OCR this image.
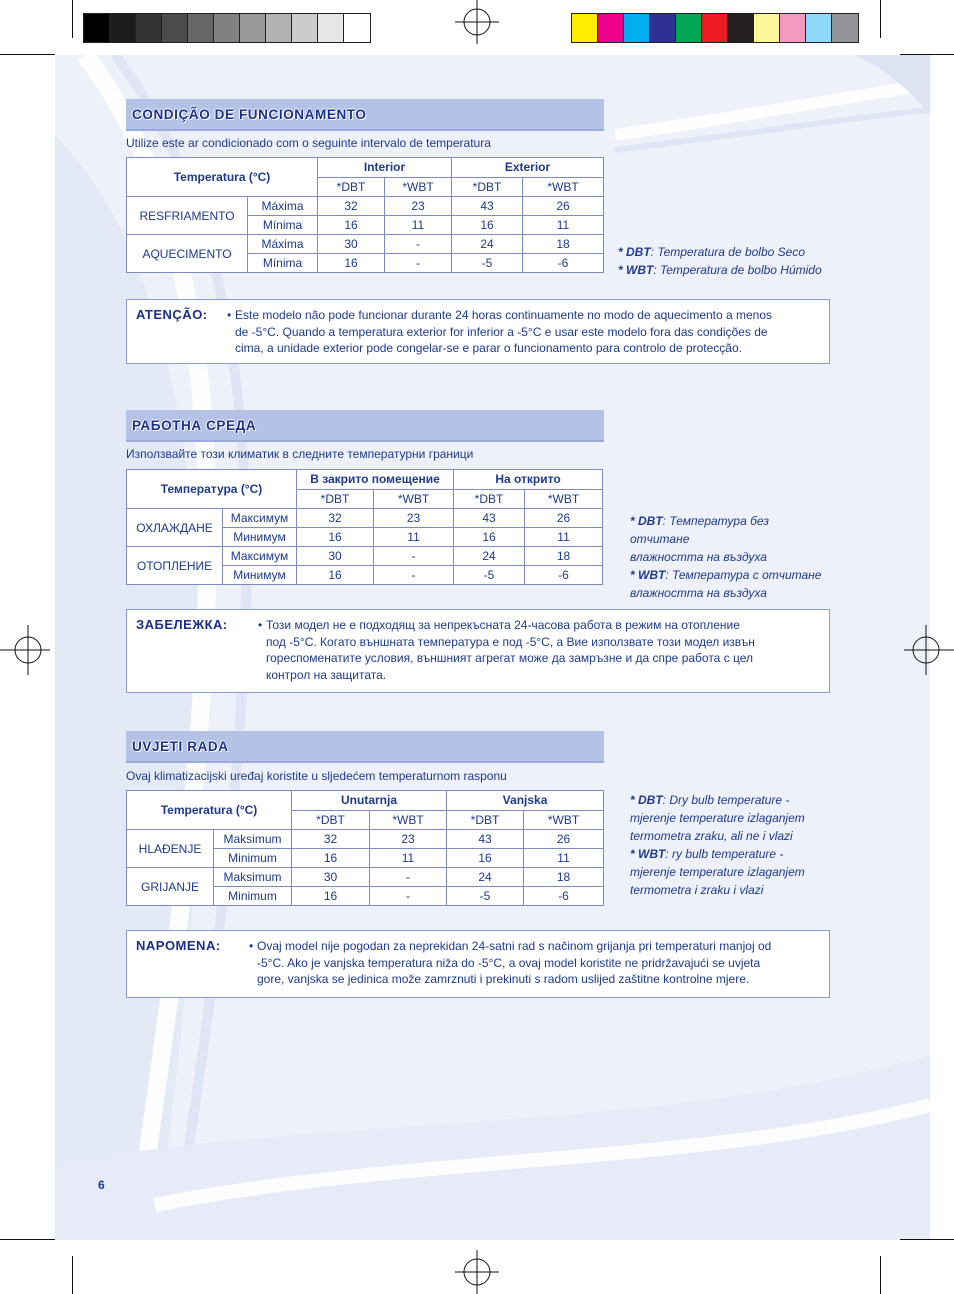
CONDIÇÃO DE FUNCIONAMENTO
Utilize este ar condicionado com o seguinte intervalo de temperatura
Temperatura (°C)		Interior		Exterior	
		*DBT	*WBT	*DBT	*WBT
RESFRIAMENTO	Máxima	32	23	43	26
	Mínima	16	11	16	11
AQUECIMENTO	Máxima	30	-	24	18
	Mínima	16	-	-5	-6
* DBT: Temperatura de bolbo Seco
* WBT: Temperatura de bolbo Húmido
ATENÇÃO: • Este modelo não pode funcionar durante 24 horas continuamente no modo de aquecimento a menos
de -5°C. Quando a temperatura exterior for inferior a -5°C e usar este modelo fora das condições de
cima, a unidade exterior pode congelar-se e parar o funcionamento para controlo de protecção.
РАБОТНА СРЕДА
Използвайте този климатик в следните температурни граници
Температура (°C)		В закрито помещение		На открито	
		*DBT	*WBT	*DBT	*WBT
ОХЛАЖДАНЕ	Максимум	32	23	43	26
	Минимум	16	11	16	11
ОТОПЛЕНИЕ	Максимум	30	-	24	18
	Минимум	16	-	-5	-6
* DBT: Температура без отчитане
влажността на въздуха
* WBT: Температура с отчитане
влажността на въздуха
ЗАБЕЛЕЖКА:	• Този модел не е подходящ за непрекъсната 24-часова работа в режим на отопление
под -5°C. Когато външната температура е под -5°C, а Вие използвате този модел извън
гореспоменатите условия, външният агрегат може да замръзне и да спре работа с цел
контрол на защитата.
UVJETI RADA
Ovaj klimatizacijski uređaj koristite u sljedećem temperaturnom rasponu
Temperatura (°C)		Unutarnja		Vanjska	
		*DBT	*WBT	*DBT	*WBT
HLAĐENJE	Maksimum	32	23	43	26
	Minimum	16	11	16	11
GRIJANJE	Maksimum	30	-	24	18
	Minimum	16	-	-5	-6
* DBT: Dry bulb temperature -
mjerenje temperature izlaganjem
termometra zraku, ali ne i vlazi
* WBT: ry bulb temperature -
mjerenje temperature izlaganjem
termometra i zraku i vlazi
NAPOMENA: • Ovaj model nije pogodan za neprekidan 24-satni rad s načinom grijanja pri temperaturi manjoj od
-5°C. Ako je vanjska temperatura niža do -5°C, a ovaj model koristite ne pridržavajući se uvjeta
gore, vanjska se jedinica može zamrznuti i prekinuti s radom uslijed zaštitne kontrolne mjere.
6
